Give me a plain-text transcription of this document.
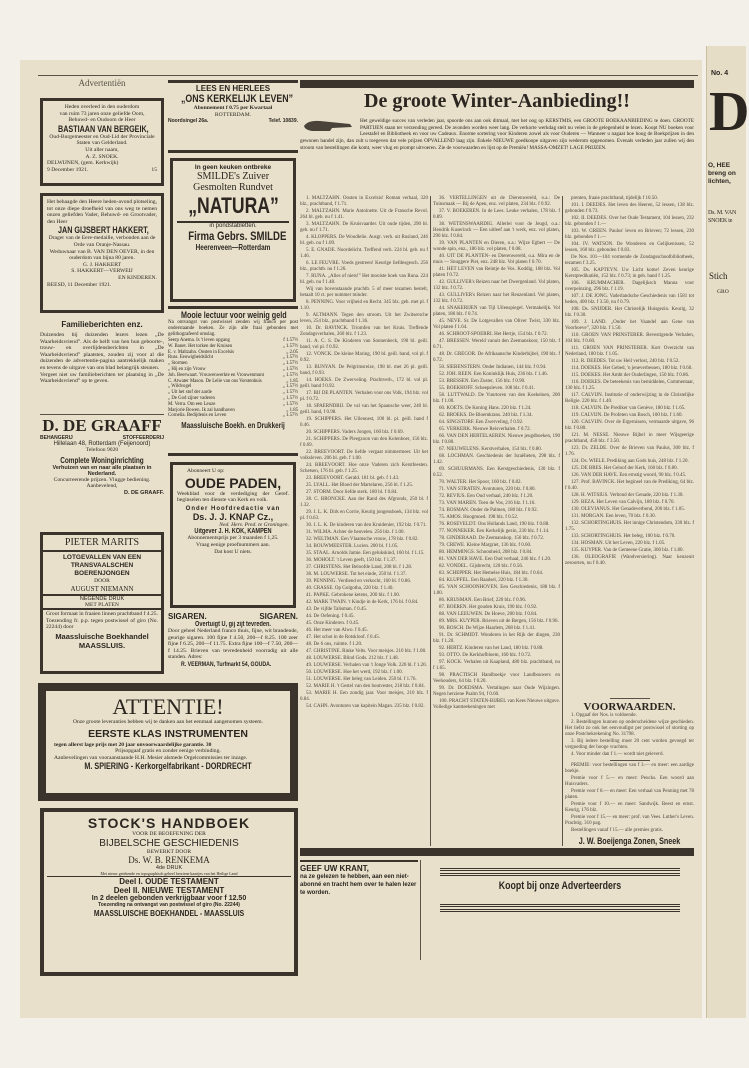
No. 4
D
O, HEE
breng on
lichten,
Ds. M. VAN
SNOEK te
Stich
GRO
Advertentiën
Heden overleed in den ouderdom
van ruim 73 jaren onze geliefde Oom,
Behuwd- en Oudoom de Heer
BASTIAAN VAN BERGEIK,
Oud-Burgemeester en Oud-Lid der Provinciale Staten van Gelderland.
Uit aller naam,
A. Z. SNOEK.
DELWIJNEN, (gem. Kerkwijk)
9 December 1921.	15
Het behaagde den Heere heden-avond plotseling, tot onze diepe droefheid van ons weg te nemen onzen geliefden Vader, Behuwd- en Grootvader, den Heer
JAN GIJSBERT HAKKERT,
Drager van de Eere-medaille, verbonden aan de Orde van Oranje-Nassau.
Weduwnaar van B. VAN DEN OEVER, in den ouderdom van bijna 80 jaren.
G. J. HAKKERT
S. HAKKERT—VERWEIJ
EN KINDEREN.
BEESD, 11 December 1921.
Familieberichten enz.
Duizenden bij duizenden lezers lezen „De Waarheidsvriend”. Als de helft van hen hun geboorte-, trouw- en overlijdensberichten in „De Waarheidsvriend” plaatsten, zouden zij voor al die duizenden de advertentie-pagina aantrekkelijk maken en tevens de uitgave van ons blad belangrijk steunen.
Vergeet niet uw familieberichten ter plaatsing in „De Waarheidsvriend” op te geven.
D. DE GRAAFF
BEHANGERIJ	STOFFEERDERIJ
Hillelaan 48, Rotterdam (Feijenoord)
Telefoon 9020
Complete Woninginrichting
Verhuizen van en naar alle plaatsen in Nederland.
Concurreerende prijzen. Vlugge bediening.
Aanbevelend,
D. DE GRAAFF.
PIETER MARITS
LOTGEVALLEN VAN EEN TRANSVAALSCHEN BOERENJONGEN
DOOR
AUGUST NIEMANN
NEGENDE DRUK
MET PLATEN
Groot formaat in fraaien linnen prachtband f 4.25. Toezending fr. p.p. tegen postwissel of giro (No. 22244) door
Maassluische Boekhandel
MAASSLUIS.
LEES EN HERLEES
„ONS KERKELIJK LEVEN”
Abonnement f 0.75 per Kwartaal
ROTTERDAM.
Noordsingel 26a.	Telef. 10839.
In geen keuken ontbreke
SMILDE's Zuiver
Gesmolten Rundvet
„NATURA”
in pondstabletten.
Firma Gebrs. SMILDE
Heerenveen—Rotterdam
Mooie lectuur voor weinig geld
Na ontvangst van postwissel zenden wij franco per post onderstaande boeken. Ze zijn alle fraai gebonden met gelithografeerd omslag.
Seerp Anema. Is 't leven opgang	f 1.57½
W. Banet. Het torken der Kruisen	„ 1.57½
E. v. Maltzahn. Oosten in Excelsis	„ 2.05
Russ. Eeuwigheidslicht	„ 1.57½
„ Stormen	„ 1.57½
„ Hij en zijn Vrouw	„ 1.57½
Joh. Beerwaart. Vrouwenwerkte en Vrouwenmunt	„ 1.57½
C. Atwater Mason. De Lelie van ons Vorstenhuis	„ 1.85
„ Wildvogel	„ 1.57½
„ Uit het stof der aarde	„ 1.57½
„ De God zijner vaderen	„ 1.57½
M. Verra. Om een Leuze	„ 1.57½
Marjorie Bowen. Ik zal handhaven	„ 1.85
Cornelia. Bedijdenis en Leven	„ 1.57½
Maassluische Boekh. en Drukkerij
Abonneert U op:
OUDE PADEN,
Weekblad voor de verdediging der Geref. beginselen ten dienste van Kerk en volk.
Onder Hoofdredactie van
Ds. J. J. KNAP Cz.,
Ned. Herv. Pred. te Groningen.
Uitgever J. H. KOK, KAMPEN
Abonnementsprijs per 3 maanden f 1,25.
Vraag eenige proefnummers aan.
Dat kost U niets.
SIGAREN.	SIGAREN.
Overtuigt U, gij zijt tevreden.
Door geheel Nederland franco thuis, fijne, wit brandende, geurige sigaren. 100 fijne f 4.50, 200—f 8.25. 100 zeer fijne f 6.25, 200—f 11.75. Extra fijne 100—f 7.50, 200—f 14.25. Brieven van tevredenheid voorradig uit alle standen. Adres:
R. VEERMAN, Turfmarkt 54, GOUDA.
ATTENTIE!
Onze groote leveranties hebben wij te danken aan het eenmaal aangenomen systeem.
EERSTE KLAS INSTRUMENTEN
tegen allerst lage prijs met 20 jaar onvoorwaardelijke garantie. 30
Prijsopgaaf gratis en zonder eenige verbinding.
Aanbevelingen van vooraanstaande H.H. Mesier alsmede Orgelcommissies ter inzage.
M. SPIERING - Kerkorgelfabrikant - DORDRECHT
STOCK'S HANDBOEK
VOOR DE BEOEFENING DER
BIJBELSCHE GESCHIEDENIS
BEWERKT DOOR
Ds. W. B. RENKEMA
4de DRUK
Met nieuw getekende en topographisch geheel herziene kaartjes van het Heilige Land
Deel I. OUDE TESTAMENT
Deel II. NIEUWE TESTAMENT
In 2 deelen gebonden verkrijgbaar voor f 12.50
Toezending na ontvangst van postwissel of giro (No. 22244)
MAASSLUISCHE BOEKHANDEL - MAASSLUIS
De groote Winter-Aanbieding!!
Het geweldige succes van verleden jaar, spoorde ons aan ook ditmaal, met het oog op KERSTMIS, een GROOTE BOEKAANBIEDING te doen. GROOTE PARTIJEN staan ter verzending gereed. De avonden worden weer lang. De verkorte werkdag stelt nu velen in de gelegenheid te lezen. Koopt NU boeken voor Leestafel en Bibliotheek en voor uw Cadeaux. Enorme sortering voor Kinderen zowel als voor Ouderen — Wanneer u nagaat hoe hoog de Boekprijzen in den gewonen handel zijn, dan zult u toegeven dat vele prijzen OPVALLEND laag zijn. Enkele NIEUWE goedkoope uitgaven zijn wederom opgenomen. Evenals verleden jaar zullen wij den stroom van bestellingen die komt, weer vlug en prompt uitvoeren. Zie de voorwaarden en lijst op de Premiën! MASSA-OMZET! LAGE PRIJZEN.
1. MALTZAHN. Oosten in Excelsis! Roman verhaal, 320 blz., prachtband, f 1.71.
2. MALTZAHN. Marie Antoinette. Uit de Fransche Revol. 264 bl. geb. nu f 1.41.
3. MALTZAHN. De Kruisvaarder. Uit oude tijden, 290 bl. geb. nu f 1.71.
4. KLOPPERS. De Woudlelie. Ausgr. verh. uit Rusland, 246 bl. geb. nu f 1.09.
5. E. GNADE. Noordelicht. Treffend verh. 224 bl. geb. nu f 1.46.
6. LE FEUVRE. Voeds gestreen! Keurige liefdesgesch. 256 blz., prachtb. nu f 1.26.
7. RUNA. „Alles of niets!” Het mooiste boek van Runa. 224 bl. geb. nu f 1.48.
Wij van bovenstaande prachtb. 5 of meer tezamen bestelt, betaalt 10 ct. per nummer minder.
8. PENNING. Voor vrijheid en Recht. 345 blz. geb. met pl. f 1.10.
9. ALTMANN. Tegen den stroom. Uit het Zwitsersche leven, 254 blz., prachtband f 1.36.
10. Dr. BAVINCK. Triomfen van het Kruis. Treffende Zondagsverhalen, 260 blz. f 1.23.
11. A. C. S. De Kinderen van Sonnenheck, 190 bl. geill. band, vol pl. f 0.92.
12. VONCK. De kleine Maring, 190 bl. geill. band, vol pl. f 0.92.
13. BUNYAN. De Pelgrimsreize, 198 bl. met 26 pl. geill. band, f 0.93.
14. HOEKS. De Zwerveling. Prachtverh., 172 bl. vol pl. geill. band f 0.92.
17. BIJ DE PLANTEN. Verhalen voor ons Volk, 194 blz. vol pl. f 0.72.
18. SPAERNDRIJ. De val van het Spaansche weer, 240 bl. geill. band, f 0.98.
19. SCHIPPERS. Het Uilennest, 100 bl. pl. geill. band f 0.46.
20. SCHIPPERS. Vaders Jongen, 160 blz. f 0.69.
21. SCHIPPERS. De Pleegzoon van den Kolenboer, 156 blz. f 0.69.
22. BREEVOORT. De liefde vergaat nimmermeer. Uit het volksleven. 206 bl. geb. f 1.00.
24. BREEVOORT. Hoe onze Vaderen zich Kerstfeesten. Schetsen, 176 bl. geb. f 1.25.
23. BREEVOORT. Gerald. 181 bl. geb. f 1.43.
25. LYALL. Het Bloed der Martelaren, 256 bl. f 1.25.
27. STORM. Door liefde sterk. 180 bl. f 0.84.
28. C. BRONCKE. Aan der Rand des Afgronds, 250 bl. f 1.32.
29. J. L. K. Dirk en Corrie, Keurig jongensboek, 134 blz. vol pl. f 0.63.
30. J. L. K. De kinderen van den Kruidenier, 192 blz. f 0.71.
31. WILMA. Achter de heuvelen. 256 blz. f 1.00.
32. WELTMAN. Een Vlaamsche vrouw, 178 blz. f 0.82.
34. BOUWMEESTER. Lucien. 200 bl. f 1.05.
35. STAAL. Arnolds Jamie. Een gelukskind, 160 bl. f 1.15.
36. MOHOLT. 't Leven geeft, 150 blz. f 1.37.
37. CHRISTENS. Het Beloofde Land, 208 bl. f 1.28.
38. M. LOUWERSE. Tot het einde, 250 bl. f 1.37.
39. PENNING. Verdiend en verkocht, 160 bl. f 0.86.
40. CRASSE. Op Golgotha, 220 blz. f 1.40.
41. PAPKE. Gebrokene ketens, 200 blz. f 1.00.
42. MARK TWAIN. 't Kindje in de Kerk, 176 bl. f 0.84.
43. De vijfde Talisman. f 0.45.
44. De Oefening. f 0.45.
45. Onze Kinderen. f 0.45.
46. Het meer van Alwo. f 0.45.
47. Het schot in de Rotskloof. f 0.45.
48. De 6 ons, ruimte. f 1.20.
47. CHRISTINE. Rinke Velts. Voor meisjes. 210 blz. f 1.08.
48. LOUWERSE. Blind Gods. 212 blz. f 1.48.
49. LOUWERSE. Verhalen van 't Jonge Volk. 220 bl. f 1.20.
50. LOUWERSE. Hoe het werd, 192 blz. f 1.00.
51. LOUWERSE. Het beleg van Leiden. 250 bl. f 1.76.
52. MARIE H. 't Gestel van den houtvester, 218 blz. f 0.84.
53. MARIE H. Een zondig jaar. Voor meisjes, 210 blz. f 0.84.
54. CAHN. Avonturen van kapitein Magan. 235 blz. f 0.82.
36. VERTELLINGEN uit de Dierenwereld, o.a.: De Tuinsmaak — Bij de Apen, enz. vol platen, 234 blz. f 0.92.
37. V. BOEKEREN. In de Lees. Leuke verhalen, 178 blz. f 0.89.
38. WETENSWAARDIG. Allerlei voor de Jeugd, o.a.: Hendrik Kuserinck — Een uitleef aan 't werk, enz. vol platen, 290 blz. f 0.84.
39. VAN PLANTEN en Dieren, o.a.: Wijze Egbert — De wonde spin, enz., 186 blz. vol platen, f 0.08.
40. UIT DE PLANTEN- en Dierenwereld, o.a. Mira en de muis — Snuggere Piet, enz. 248 blz. Vol platen f 0.70.
41. HET LEVEN van Reintje de Vos. Koddig, 168 blz. Vol platen f 0.72.
42. GULLIVER's Reizen naar het Dwergenland. Vol platen, 132 blz. f 0.72.
43. GULLIVER's Reizen naar het Reuzenland. Vol platen, 132 blz. f 0.72.
44. SNAKERIJEN van Tijl Uilenspiegel. Vermakelijk. Vol platen, 186 blz. f 0.74.
45. NEVE. Sr. De Lotgevallen van Oliver Twist, 330 blz. Vol platen f 1.64.
46. SCHROOT-SPOERRI. Het Hertje, 154 blz. f 0.72.
47. BRESSEN. Wereld vanuit den Zeemanskoor, 150 blz. f 0.71.
48. Dr. GREGOR. De Afrikaansche Kinderbijbel, 190 blz. f 0.72.
50. SIEBENSTERN. Onder Indianen, 144 blz. f 0.94.
52. JOH. BEEN. Een Koninklijk Huis, 236 blz. f 1.46.
53. BRESSEN. Een Zuster, 156 blz. f 0.90.
55. BOEKHOFF. Scheepsleven. 108 blz. f 0.41.
58. LUTTWALD. De Vuurtoren van den Koekeloen, 200 blz. f 1.00.
60. KOETS. De Koning Hans. 220 blz. f 1.24.
62. BROEKS. De Bloemkrans. 240 blz. f 1.34.
64. SINGSTORF. Een Zwerveling, f 0.92.
65. VERKERK. Nieuwe Reisverhalen. f 0.72.
66. VAN DEN HERTELAEREN. Nieuwe jeugdboeken, 190 blz. f 0.80.
67. NIEUWELENS. Kerstverhalen, 154 blz. f 0.80.
68. LOCHMAN. Geschiedenis der Israëlieten, 298 blz. f 1.42.
69. SCHUURMANS. Een Kerstgeschiedenis, 130 blz. f 0.52.
70. WALTER. Het Spoor, 160 blz. f 0.82.
71. VAN STRATEN. Avonturen, 220 blz. f 0.80.
72. REVIUS. Een Oud verhaal, 240 blz. f 1.20.
73. VAN MAREN. Toen de Vos, 216 blz. f 1.16.
74. BOSMAN. Onder de Palmen, 180 blz. f 0.92.
75. AMOS. Hoogmoed. 198 blz. f 0.52.
76. ROSEVELDT. Ons Hollands Land, 190 blz. f 0.88.
77. NONNEKER. Een Kerkelijk gezin, 230 blz. f 1.14.
78. GINDERAAD. De Zeemanskop, 156 blz. f 0.72.
79. CREWE. Kleine Margriet, 136 blz. f 0.60.
80. HEMMINGS. Schoonheid, 208 blz. f 0.84.
81. VAN DER HAVE. Een Oud verhaal, 246 blz. f 1.20.
82. VONDEL. Gijsbrecht, 120 blz. f 0.56.
83. SCHEPPER. Het Hemelse Huis, 184 blz. f 0.64.
84. KLUPFEL. Een Raadsel, 220 blz. f 1.30.
85. VAN SCHOONHOVEN. Een Geschiedenis, 188 blz. f 1.00.
86. KRUSMAN. Een Brief, 220 blz. f 0.96.
87. BOEREN. Het gouden Kruis, 190 blz. f 0.92.
88. VAN LEEUWEN. De Hoeve, 200 blz. f 0.84.
89. MRS. KUYPER. Brieven uit de Bergen, 156 blz. f 0.96.
90. BOSCH. De Wijze Haarlem, 208 blz. f 1.41.
91. Dr. SCHMIDT. Wonderen in het Rijk der dingen, 230 blz. f 1.20.
92. HERTZ. Kinderen van het Land, 180 blz. f 0.88.
93. OTTO. De Kerkhofbloem, 160 blz. f 0.72.
97. KOCK. Verhalen uit Kaapland, 480 blz. prachtband, nu f 1.65.
98. PRACTISCH Handboekje voor Landbouwers en Veehouders, 64 blz. f 0.20.
99. Dr. DOEDSMA. Vertalingen naar Oude Wijzingen. Negen herziene Psalm 94, f 0.60.
100. PRACHT STATEN-BIJBEL van Kees Nieuwe uitgave. Volledige kantteekeningen met
prenten, fraaie prachtband, tijdelijk f 10.50.
101. I. DEEDES. Het leven des Heeren, 52 lessen, 138 blz. gebonden f 0.73.
102. II. DEEDES. Over het Oude Testament, 104 lessen, 232 blz. gebonden f 1.—
103. W. GREEN. Paulus' leven en Brieven; 72 lessen, 230 blz. gebonden f 1.—
104. IV. WATSON. De Wonderen en Gelijkenissen, 52 lessen, 160 blz. gebonden f 0.83.
De Nos. 101—104 vormende de Zondagsschoolbibliotheek, tezamen f 3.25.
105. Ds. KAPTEYN. Uw Licht kome! Zeven keurige Kerstpredikatiën, 152 blz. f 0.73; in geb. band f 1.25.
106. KRUMMACHER. Dagelijksch Manna voor overpeinzing, 296 blz. f 1.19.
107. J. DE JONG. Vaderlandsche Geschiedenis van 1581 tot heden, 400 blz. f 3.50, nu f 0.79.
108. Ds. SNIJDER. Het Christelijk Huisgezin. Keurig, 32 blz. f 0.30.
109. J. LAND. „Onder het Vaandel aan Gene van Voorhoeve”, 320 blz. f 1.50.
110. GROEN VAN PRINSTERER. Bevestigende Verhalen, 104 blz. f 0.60.
111. GROEN VAN PRINSTERER. Kort Overzicht van Nederland, 180 blz. f 1.05.
112. R. DEEDES. Tot uw Heil verlost, 240 blz. f 0.52.
114. DOEKES. Het Gebed, 'n jeneverbessen, 180 blz. f 0.60.
115. DOEKES. Het Ambt der Ouderlingen, 150 blz. f 0.86.
116. DOEKES. De beteekenis van bemiddelen, Commentaar, 130 blz. f 1.25.
117. CALVIJN. Institutie of onderwijzing in de Christelijke Religie. 220 blz. f 1.40.
118. CALVIJN. De Prediker van Genève, 180 blz. f 1.65.
119. CALVIJN. De Profeten van Bosch, 100 blz. f 1.60.
120. CALVIJN. Over de Ergernissen, vermaarde uitgave, 96 blz. f 0.80.
121. M. NESSE. Nieuwe Bijbel in meer Wijsgeerige prachtband, 450 blz. f 3.50.
123. Dr. ZELDE. Over de Brieven van Paulus, 300 blz. f 1.76.
124. Ds. WIELE. Prediking aan Gods huis, 248 blz. f 1.20.
125. DE BRES. Het Geloof der Kerk, 160 blz. f 0.80.
126. VAN DER HAVE. Een ernstig woord, 90 blz. f 0.45.
127. Prof. BAVINCK. Het beginsel van de Prediking, 64 blz. f 0.40.
128. H. WITSIUS. Verbond der Genade, 220 blz. f 1.30.
129. BEZA. Het Leven van Calvijn, 180 blz. f 0.70.
130. OLEVIANUS. Het Genadeverbond, 206 blz. f 1.05.
131. MORGAN. Een leven, 70 blz. f 0.30.
132. SCHORTINGHUIS. Het innige Christendom, 330 blz. f 1.75.
133. SCHORTINGHUIS. Het beleg, 100 blz. f 0.70.
134. HOSMAN. Uit het Leven, 220 blz. f 1.05.
135. KUYPER. Van de Gemeene Gratie, 360 blz. f 1.80.
136. OLEOGRAFIE (Wandversiering). Naar keuzeuit zesoorten, nu f 0.40.
VOORWAARDEN.
1. Opgaaf der Nos. is voldoende.
2. Bestellingen kunnen op onderscheidene wijze geschieden. Het liefst zo ook het eenvoudigst per postwissel of storting op onze Postchekrekening No. 31798.
3. Bij iedere bestelling moet 20 cent worden gevoegd ter vergoeding der hooge vrachten.
4. Voor minder dan f 1.— wordt niet geleverd.
PREMIE: voor bestellingen van f 3.— en meer: een aardige boekje.
Premie voor f 5.— en meer: Peucks. Een woord aan Huisvaders.
Premie voor f 8.— en meer: Een verhaal van Penning met 78 platen.
Premie voor f 10.— en meer: Sandwijk. Beest en ernst. Keurig, 176 blz.
Premie voor f 15.— en meer: prof. van Vees. Luther's Leven. Prachtig. 310 pag.
Bestellingen vanaf f 15.— alle premies gratis.
J. W. Boeijenga Zonen, Sneek
GEEF UW KRANT,
na ze gelezen te hebben, aan een niet-abonné en tracht hem over te halen lezer te worden.
Koopt bij onze Adverteerders
